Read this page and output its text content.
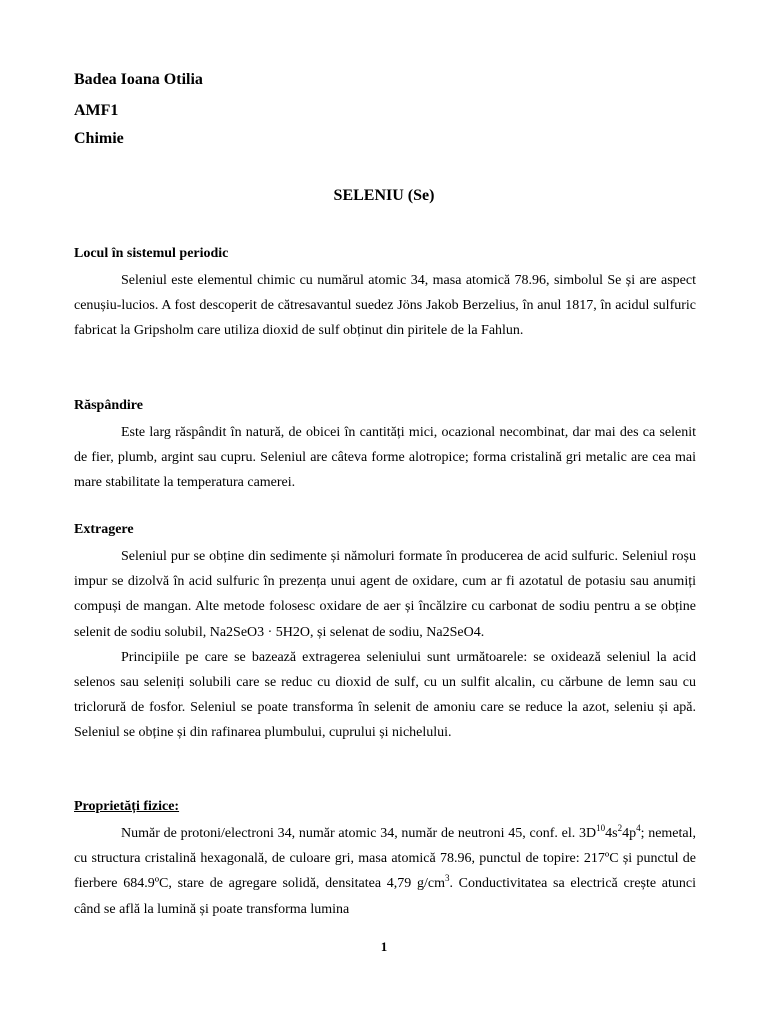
Badea Ioana Otilia
AMF1
Chimie
SELENIU (Se)
Locul în sistemul periodic

Seleniul este elementul chimic cu numărul atomic 34, masa atomică 78.96, simbolul Se și are aspect cenușiu-lucios. A fost descoperit de cătresavantul suedez Jöns Jakob Berzelius, în anul 1817, în acidul sulfuric fabricat la Gripsholm care utiliza dioxid de sulf obținut din piritele de la Fahlun.

Răspândire

Este larg răspândit în natură, de obicei în cantități mici, ocazional necombinat, dar mai des ca selenit de fier, plumb, argint sau cupru. Seleniul are câteva forme alotropice; forma cristalină gri metalic are cea mai mare stabilitate la temperatura camerei.

Extragere

Seleniul pur se obține din sedimente și nămoluri formate în producerea de acid sulfuric. Seleniul roșu impur se dizolvă în acid sulfuric în prezența unui agent de oxidare, cum ar fi azotatul de potasiu sau anumiți compuși de mangan. Alte metode folosesc oxidare de aer și încălzire cu carbonat de sodiu pentru a se obține selenit de sodiu solubil, Na2SeO3 · 5H2O, și selenat de sodiu, Na2SeO4.

Principiile pe care se bazează extragerea seleniului sunt următoarele: se oxidează seleniul la acid selenos sau seleniți solubili care se reduc cu dioxid de sulf, cu un sulfit alcalin, cu cărbune de lemn sau cu triclorură de fosfor. Seleniul se poate transforma în selenit de amoniu care se reduce la azot, seleniu și apă. Seleniul se obține și din rafinarea plumbului, cuprului și nichelului.

Proprietăți fizice:

Număr de protoni/electroni 34, număr atomic 34, număr de neutroni 45, conf. el. $3D^{10}4s^24p^4$; nemetal, cu structura cristalină hexagonală, de culoare gri, masa atomică 78.96, punctul de topire: 217ºC și punctul de fierbere 684.9ºC, stare de agregare solidă, densitatea 4,79 $g/cm^3$. Conductivitatea sa electrică crește atunci când se află la lumină și poate transforma lumina

1
